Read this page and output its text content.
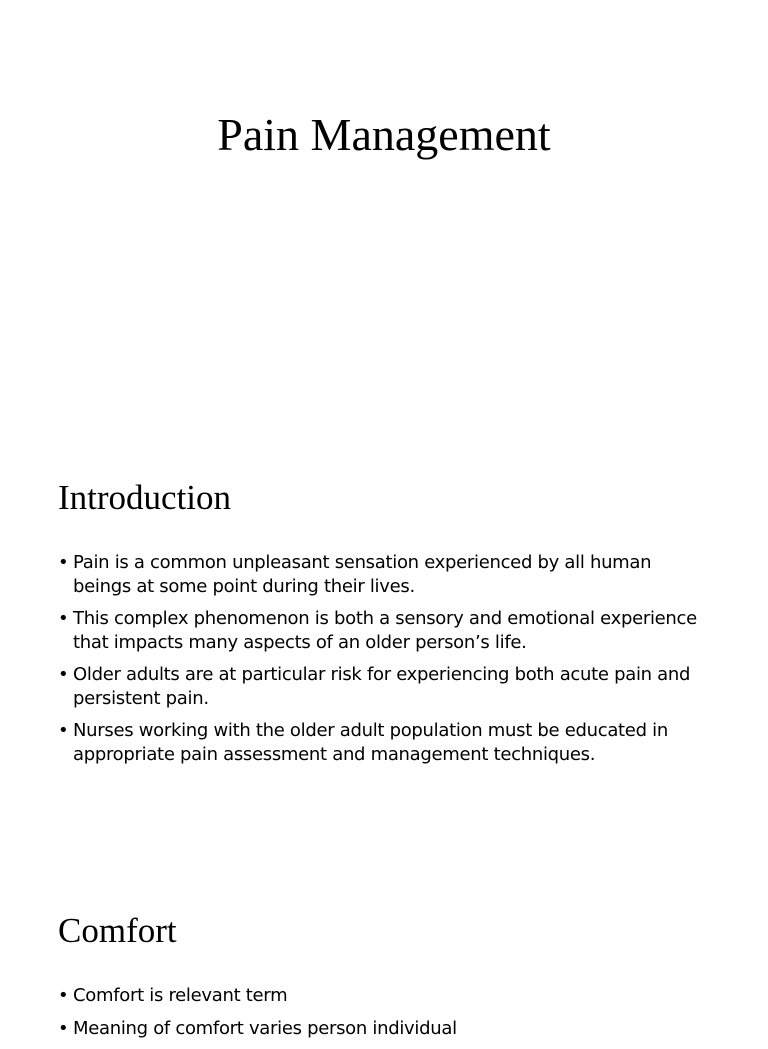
Pain Management
Introduction
• Pain is a common unpleasant sensation experienced by all human beings at some point during their lives.
• This complex phenomenon is both a sensory and emotional experience that impacts many aspects of an older person’s life.
• Older adults are at particular risk for experiencing both acute pain and persistent pain.
• Nurses working with the older adult population must be educated in appropriate pain assessment and management techniques.
Comfort
• Comfort is relevant term
• Meaning of comfort varies person individual
